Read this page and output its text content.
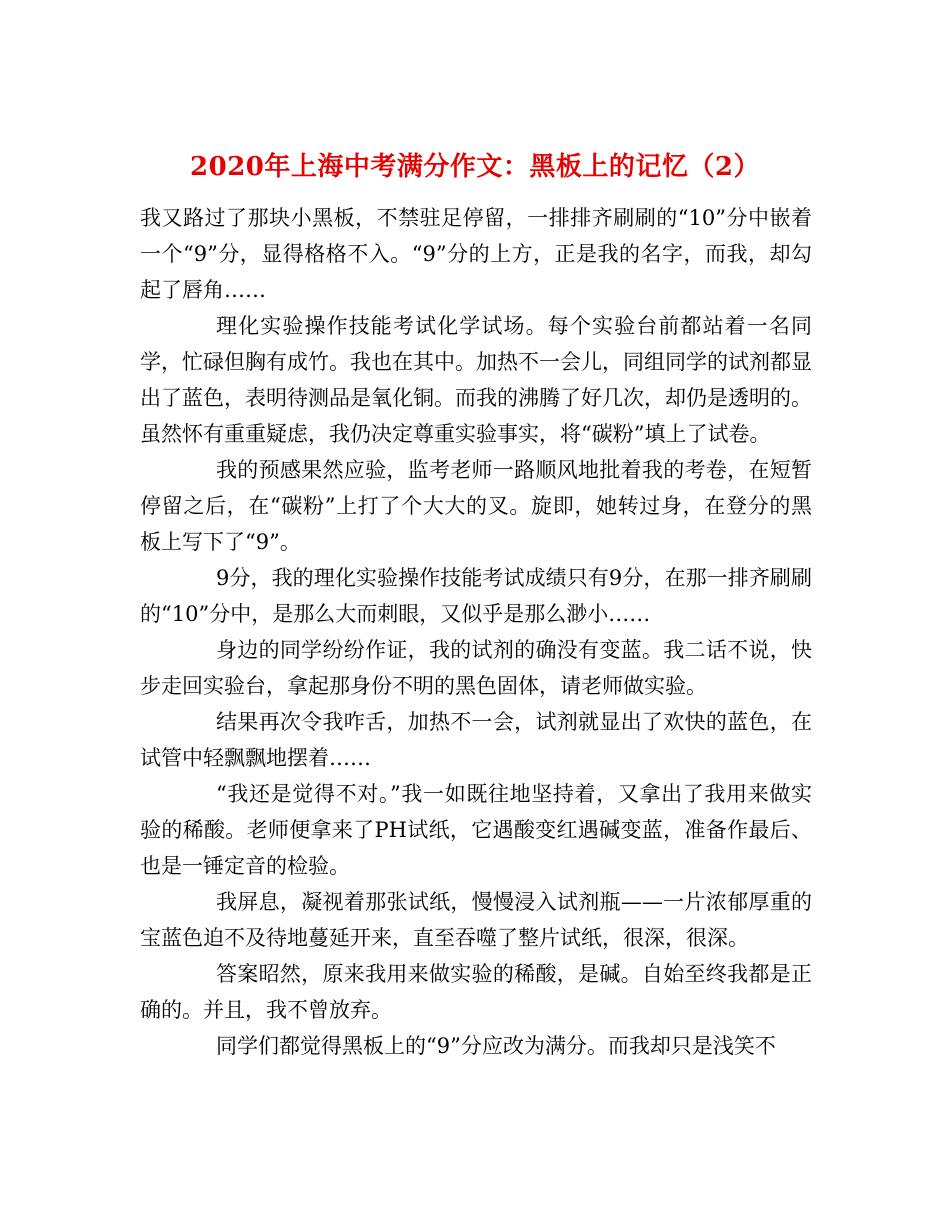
2020年上海中考满分作文：黑板上的记忆（2）

我又路过了那块小黑板，不禁驻足停留，一排排齐刷刷的“10”分中嵌着一个“9”分，显得格格不入。“9”分的上方，正是我的名字，而我，却勾起了唇角……

理化实验操作技能考试化学试场。每个实验台前都站着一名同学，忙碌但胸有成竹。我也在其中。加热不一会儿，同组同学的试剂都显出了蓝色，表明待测品是氧化铜。而我的沸腾了好几次，却仍是透明的。虽然怀有重重疑虑，我仍决定尊重实验事实，将“碳粉”填上了试卷。

我的预感果然应验，监考老师一路顺风地批着我的考卷，在短暂停留之后，在“碳粉”上打了个大大的叉。旋即，她转过身，在登分的黑板上写下了“9”。

9分，我的理化实验操作技能考试成绩只有9分，在那一排齐刷刷的“10”分中，是那么大而刺眼，又似乎是那么渺小……

身边的同学纷纷作证，我的试剂的确没有变蓝。我二话不说，快步走回实验台，拿起那身份不明的黑色固体，请老师做实验。

结果再次令我咋舌，加热不一会，试剂就显出了欢快的蓝色，在试管中轻飘飘地摆着……

“我还是觉得不对。”我一如既往地坚持着，又拿出了我用来做实验的稀酸。老师便拿来了PH试纸，它遇酸变红遇碱变蓝，准备作最后、也是一锤定音的检验。

我屏息，凝视着那张试纸，慢慢浸入试剂瓶——一片浓郁厚重的宝蓝色迫不及待地蔓延开来，直至吞噬了整片试纸，很深，很深。

答案昭然，原来我用来做实验的稀酸，是碱。自始至终我都是正确的。并且，我不曾放弃。

同学们都觉得黑板上的“9”分应改为满分。而我却只是浅笑不
